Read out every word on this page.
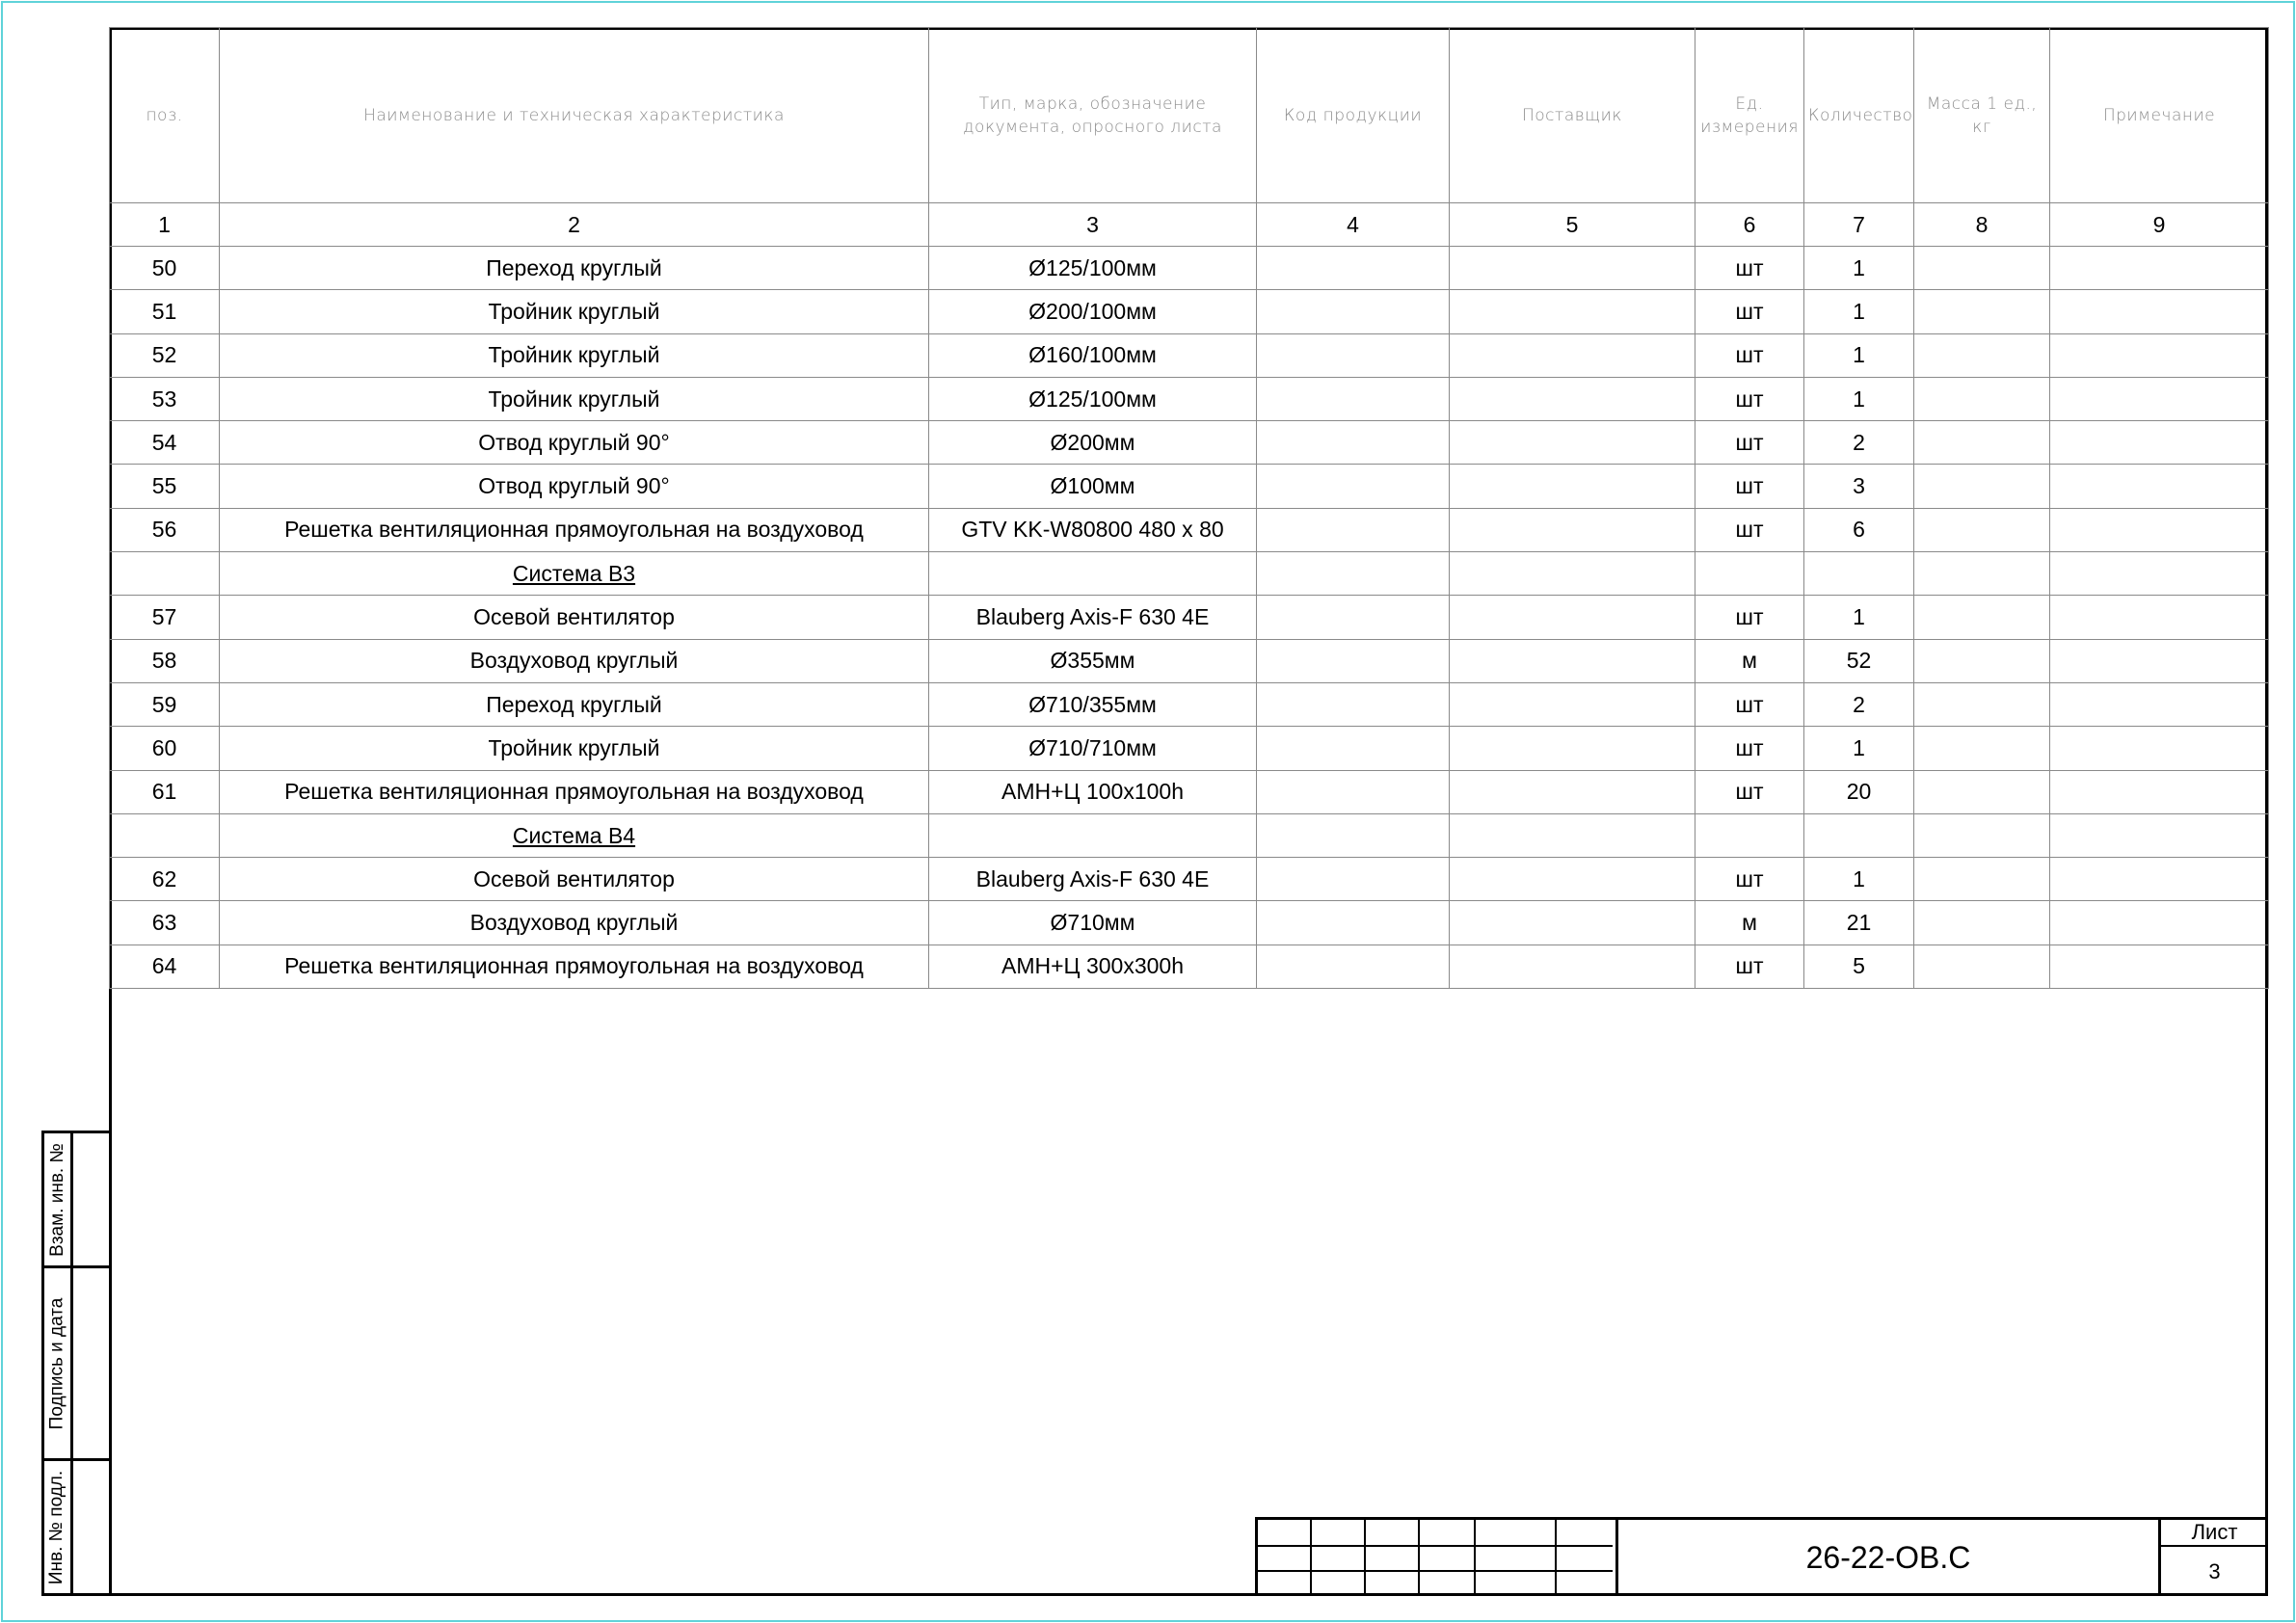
поз.	Наименование и техническая характеристика	Тип, марка, обозначение документа, опросного листа	Код продукции	Поставщик	Ед. измерения	Количество	Масса 1 ед., кг	Примечание
1	2	3	4	5	6	7	8	9
50	Переход круглый	Ø125/100мм			шт	1		
51	Тройник круглый	Ø200/100мм			шт	1		
52	Тройник круглый	Ø160/100мм			шт	1		
53	Тройник круглый	Ø125/100мм			шт	1		
54	Отвод круглый 90°	Ø200мм			шт	2		
55	Отвод круглый 90°	Ø100мм			шт	3		
56	Решетка вентиляционная прямоугольная на воздуховод	GTV KK-W80800 480 x 80			шт	6		
	Система В3							
57	Осевой вентилятор	Blauberg Axis-F 630 4E			шт	1		
58	Воздуховод круглый	Ø355мм			м	52		
59	Переход круглый	Ø710/355мм			шт	2		
60	Тройник круглый	Ø710/710мм			шт	1		
61	Решетка вентиляционная прямоугольная на воздуховод	АМН+Ц 100х100h			шт	20		
	Система В4							
62	Осевой вентилятор	Blauberg Axis-F 630 4E			шт	1		
63	Воздуховод круглый	Ø710мм			м	21		
64	Решетка вентиляционная прямоугольная на воздуховод	АМН+Ц 300х300h			шт	5		
Взам. инв. №
Подпись и дата
Инв. № подл.	26-22-ОВ.С
Лист
3
